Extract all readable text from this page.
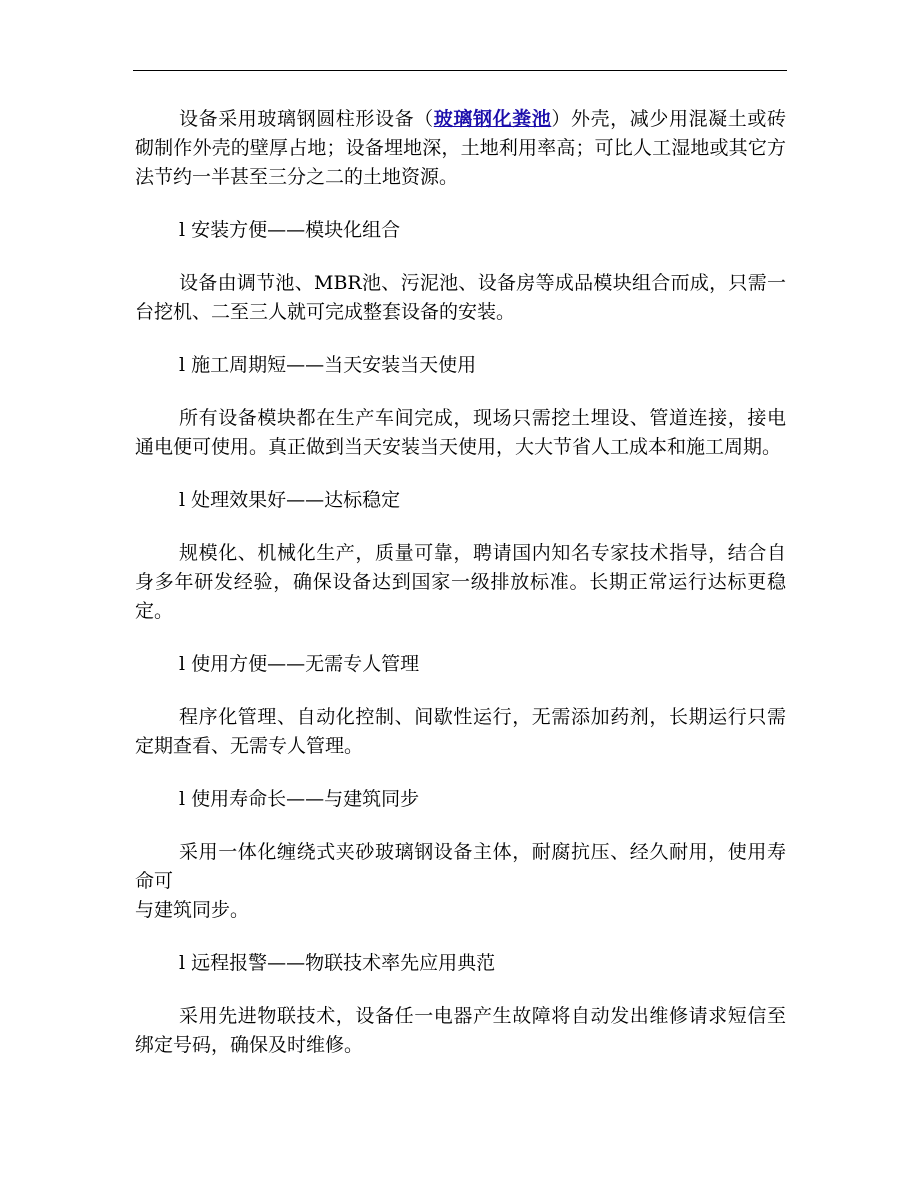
设备采用玻璃钢圆柱形设备（玻璃钢化粪池）外壳，减少用混凝土或砖砌制作外壳的壁厚占地；设备埋地深，土地利用率高；可比人工湿地或其它方法节约一半甚至三分之二的土地资源。

l 安装方便——模块化组合

设备由调节池、MBR池、污泥池、设备房等成品模块组合而成，只需一台挖机、二至三人就可完成整套设备的安装。

l 施工周期短——当天安装当天使用

所有设备模块都在生产车间完成，现场只需挖土埋设、管道连接，接电通电便可使用。真正做到当天安装当天使用，大大节省人工成本和施工周期。

l 处理效果好——达标稳定

规模化、机械化生产，质量可靠，聘请国内知名专家技术指导，结合自身多年研发经验，确保设备达到国家一级排放标准。长期正常运行达标更稳定。

l 使用方便——无需专人管理

程序化管理、自动化控制、间歇性运行，无需添加药剂，长期运行只需定期查看、无需专人管理。

l 使用寿命长——与建筑同步

采用一体化缠绕式夹砂玻璃钢设备主体，耐腐抗压、经久耐用，使用寿命可
与建筑同步。

l 远程报警——物联技术率先应用典范

采用先进物联技术，设备任一电器产生故障将自动发出维修请求短信至绑定号码，确保及时维修。
